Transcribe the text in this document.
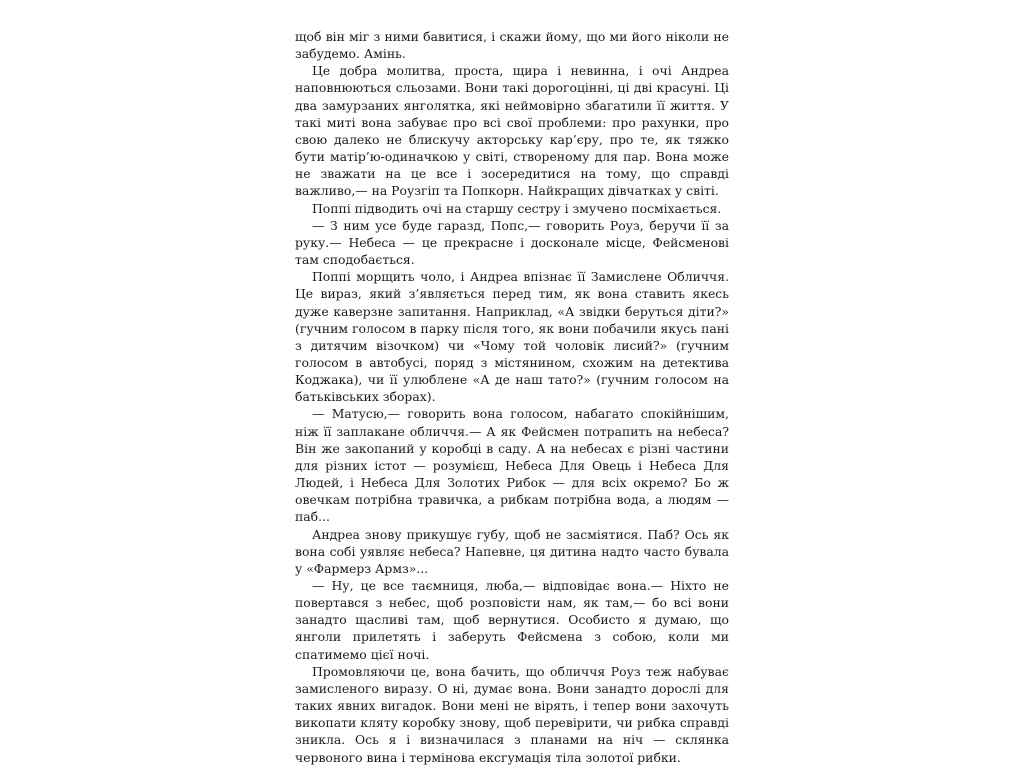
щоб він міг з ними бавитися, і скажи йому, що ми його ніколи не забудемо. Амінь.

Це добра молитва, проста, щира і невинна, і очі Андреа наповнюються сльозами. Вони такі дорогоцінні, ці дві красуні. Ці два замурзаних янголятка, які неймовірно збагатили її життя. У такі миті вона забуває про всі свої проблеми: про рахунки, про свою далеко не блискучу акторську кар’єру, про те, як тяжко бути матір’ю-одиначкою у світі, створеному для пар. Вона може не зважати на це все і зосередитися на тому, що справді важливо,— на Роузгіп та Попкорн. Найкращих дівчатках у світі.

Поппі підводить очі на старшу сестру і змучено посміхається.

— З ним усе буде гаразд, Попс,— говорить Роуз, беручи її за руку.— Небеса — це прекрасне і досконале місце, Фейсменові там сподобається.

Поппі морщить чоло, і Андреа впізнає її Замислене Обличчя. Це вираз, який з’являється перед тим, як вона ставить якесь дуже каверзне запитання. Наприклад, «А звідки беруться діти?» (гучним голосом в парку після того, як вони побачили якусь пані з дитячим візочком) чи «Чому той чоловік лисий?» (гучним голосом в автобусі, поряд з містянином, схожим на детектива Коджака), чи її улюблене «А де наш тато?» (гучним голосом на батьківських зборах).

— Матусю,— говорить вона голосом, набагато спокійнішим, ніж її заплакане обличчя.— А як Фейсмен потрапить на небеса? Він же закопаний у коробці в саду. А на небесах є різні частини для різних істот — розумієш, Небеса Для Овець і Небеса Для Людей, і Небеса Для Золотих Рибок — для всіх окремо? Бо ж овечкам потрібна травичка, а рибкам потрібна вода, а людям — паб...

Андреа знову прикушує губу, щоб не засміятися. Паб? Ось як вона собі уявляє небеса? Напевне, ця дитина надто часто бувала у «Фармерз Армз»...

— Ну, це все таємниця, люба,— відповідає вона.— Ніхто не повертався з небес, щоб розповісти нам, як там,— бо всі вони занадто щасливі там, щоб вернутися. Особисто я думаю, що янголи прилетять і заберуть Фейсмена з собою, коли ми спатимемо цієї ночі.

Промовляючи це, вона бачить, що обличчя Роуз теж набуває замисленого виразу. О ні, думає вона. Вони занадто дорослі для таких явних вигадок. Вони мені не вірять, і тепер вони захочуть викопати кляту коробку знову, щоб перевірити, чи рибка справді зникла. Ось я і визначилася з планами на ніч — склянка червоного вина і термінова ексгумація тіла золотої рибки.
